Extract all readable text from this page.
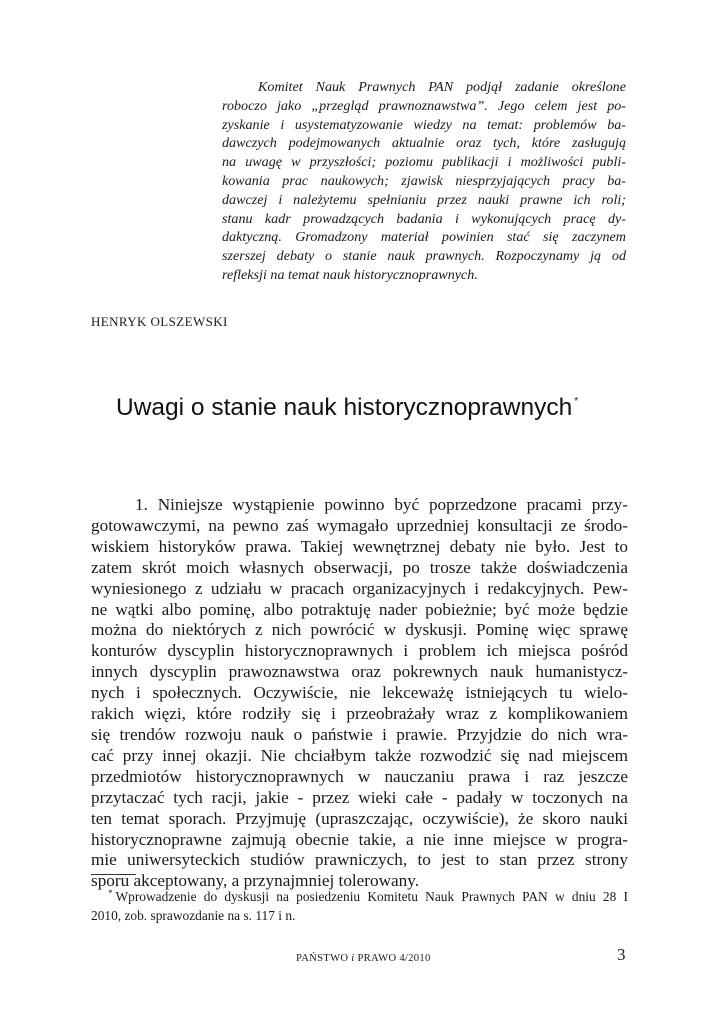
Komitet Nauk Prawnych PAN podjął zadanie określone
roboczo jako „przegląd prawnoznawstwa”. Jego celem jest po-
zyskanie i usystematyzowanie wiedzy na temat: problemów ba-
dawczych podejmowanych aktualnie oraz tych, które zasługują
na uwagę w przyszłości; poziomu publikacji i możliwości publi-
kowania prac naukowych; zjawisk niesprzyjających pracy ba-
dawczej i należytemu spełnianiu przez nauki prawne ich roli;
stanu kadr prowadzących badania i wykonujących pracę dy-
daktyczną. Gromadzony materiał powinien stać się zaczynem
szerszej debaty o stanie nauk prawnych. Rozpoczynamy ją od
refleksji na temat nauk historycznoprawnych.
HENRYK OLSZEWSKI
Uwagi o stanie nauk historycznoprawnych *
1. Niniejsze wystąpienie powinno być poprzedzone pracami przy-
gotowawczymi, na pewno zaś wymagało uprzedniej konsultacji ze środo-
wiskiem historyków prawa. Takiej wewnętrznej debaty nie było. Jest to
zatem skrót moich własnych obserwacji, po trosze także doświadczenia
wyniesionego z udziału w pracach organizacyjnych i redakcyjnych. Pew-
ne wątki albo pominę, albo potraktuję nader pobieżnie; być może będzie
można do niektórych z nich powrócić w dyskusji. Pominę więc sprawę
konturów dyscyplin historycznoprawnych i problem ich miejsca pośród
innych dyscyplin prawoznawstwa oraz pokrewnych nauk humanistycz-
nych i społecznych. Oczywiście, nie lekceważę istniejących tu wielo-
rakich więzi, które rodziły się i przeobrażały wraz z komplikowaniem
się trendów rozwoju nauk o państwie i prawie. Przyjdzie do nich wra-
cać przy innej okazji. Nie chciałbym także rozwodzić się nad miejscem
przedmiotów historycznoprawnych w nauczaniu prawa i raz jeszcze
przytaczać tych racji, jakie - przez wieki całe - padały w toczonych na
ten temat sporach. Przyjmuję (upraszczając, oczywiście), że skoro nauki
historycznoprawne zajmują obecnie takie, a nie inne miejsce w progra-
mie uniwersyteckich studiów prawniczych, to jest to stan przez strony
sporu akceptowany, a przynajmniej tolerowany.
* Wprowadzenie do dyskusji na posiedzeniu Komitetu Nauk Prawnych PAN w dniu 28 I
2010, zob. sprawozdanie na s. 117 i n.
PAŃSTWO i PRAWO 4/2010	3
